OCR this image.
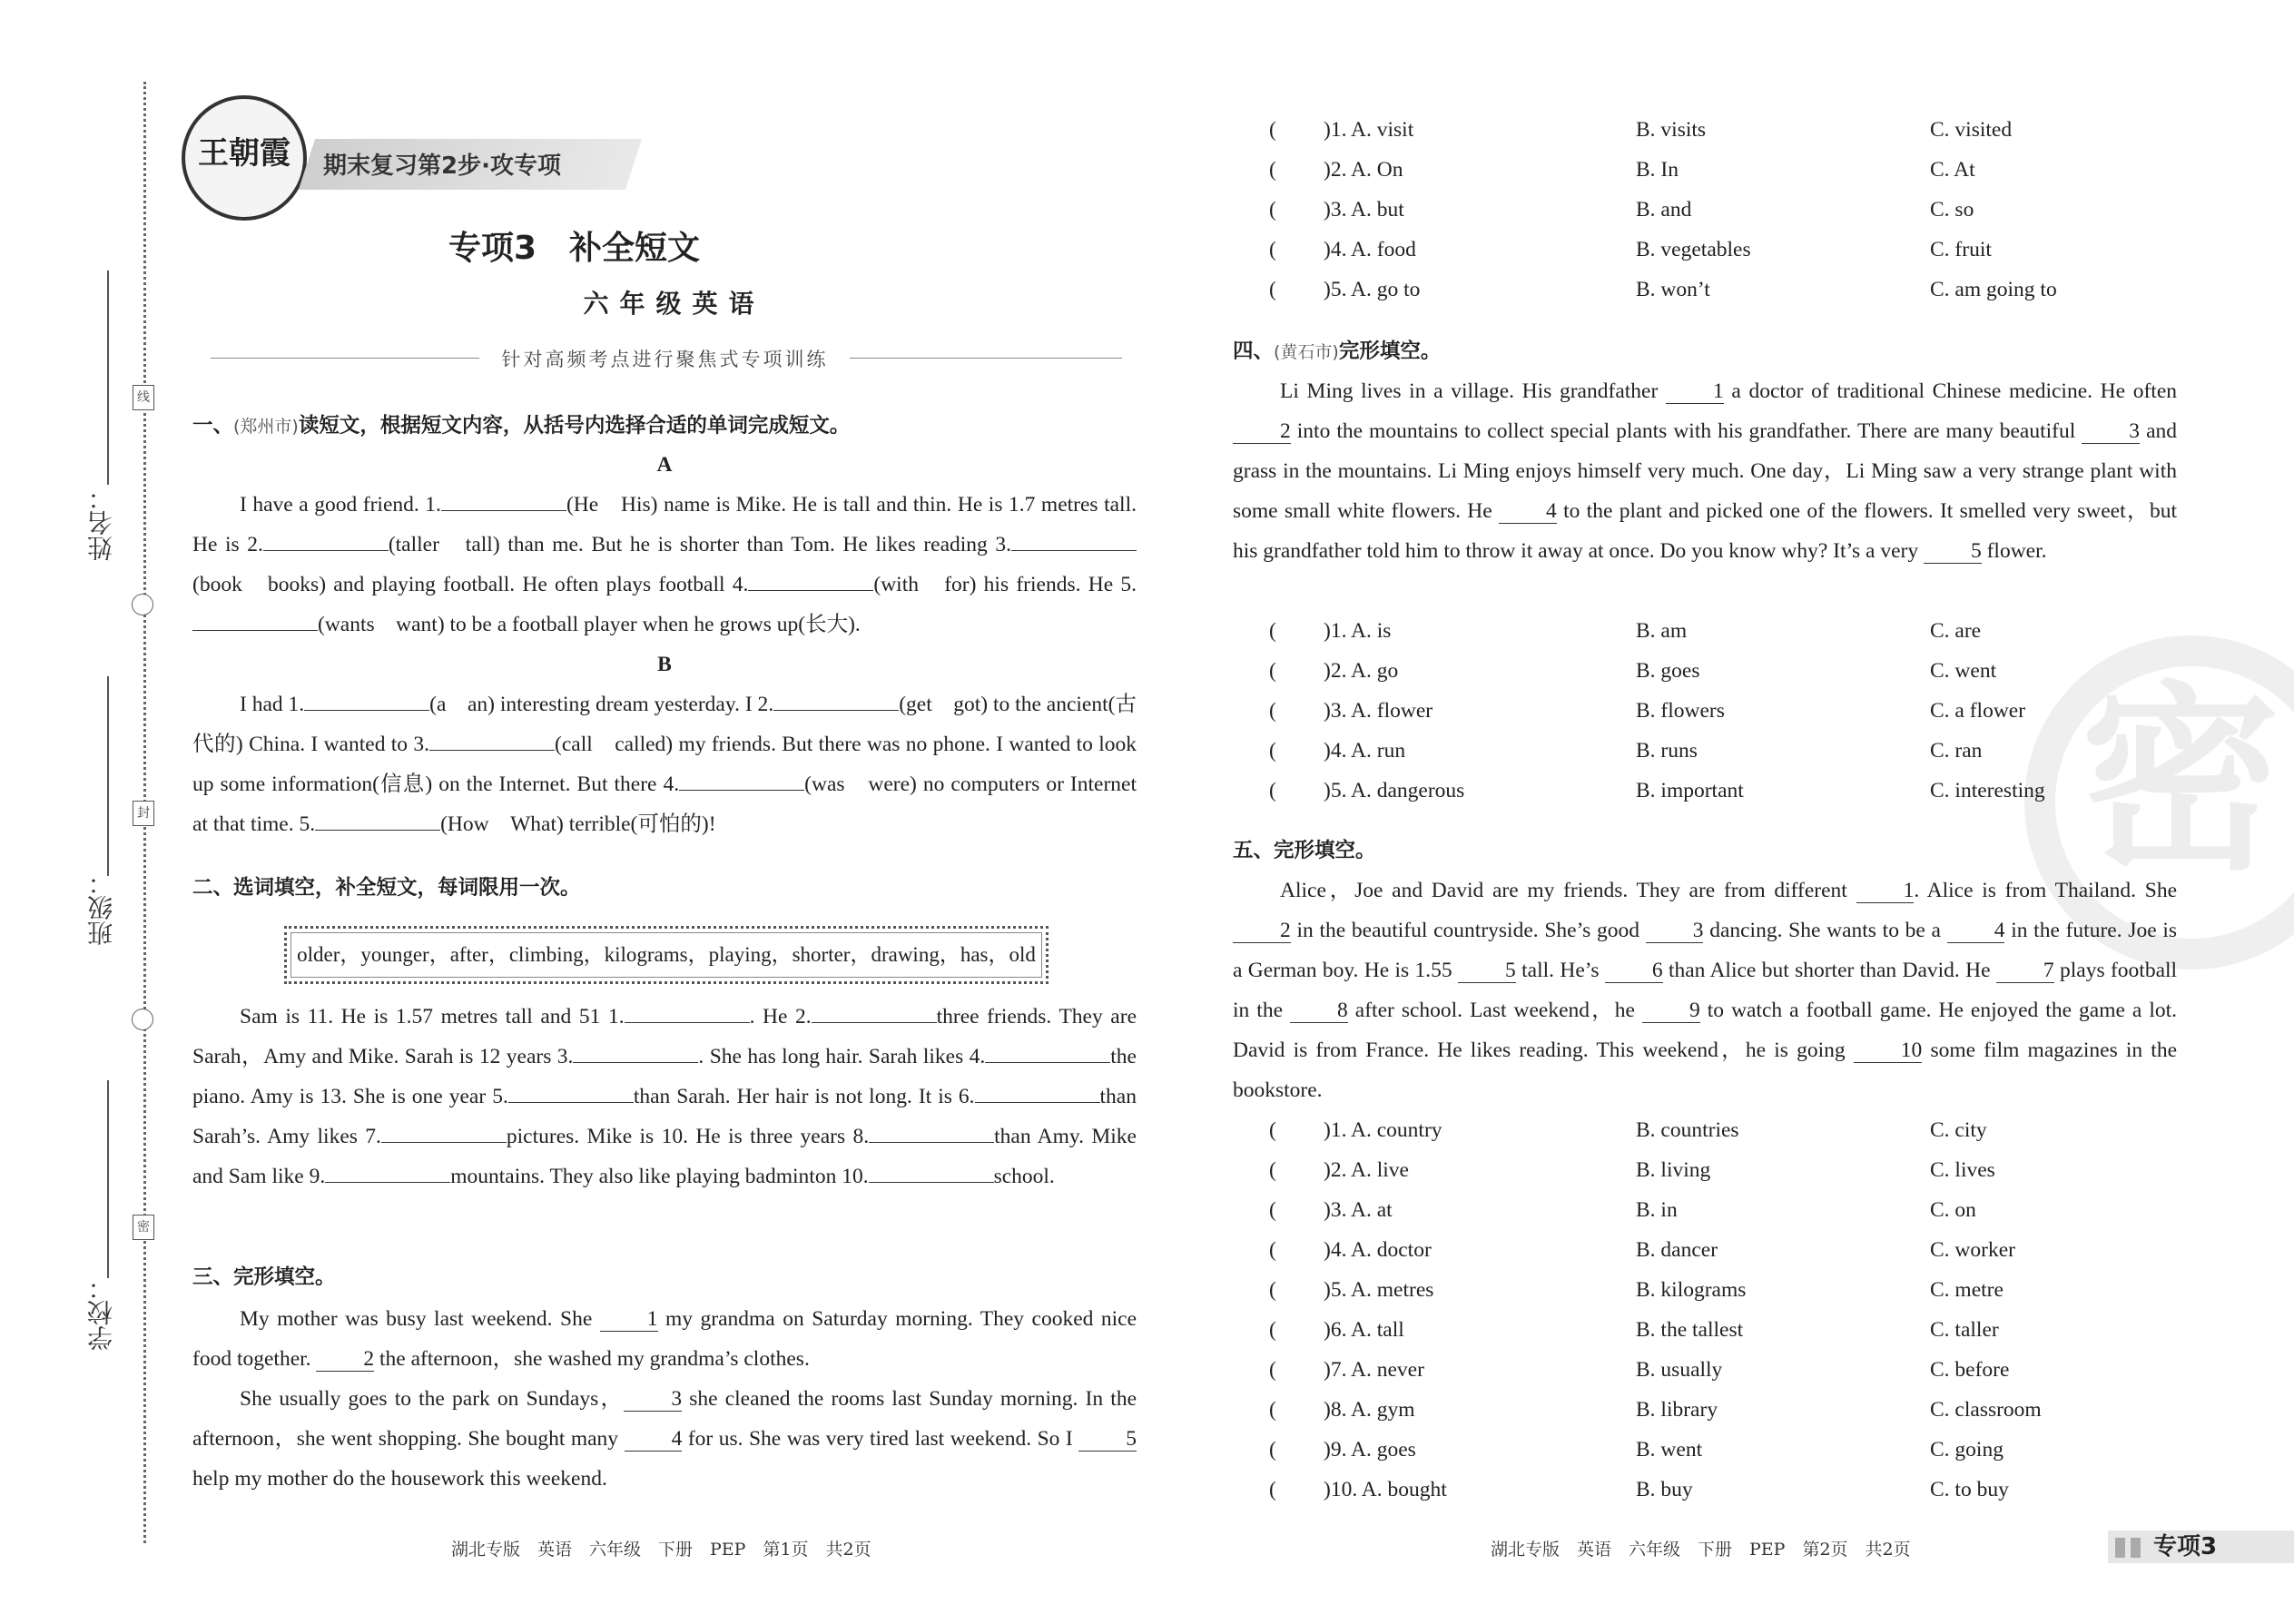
姓名：
班级：
学校：
线
封
密
王朝霞	期末复习第2步·攻专项
专项3　补全短文
六年级英语
针对高频考点进行聚焦式专项训练
一、(郑州市)读短文，根据短文内容，从括号内选择合适的单词完成短文。
A
I have a good friend. 1.	(He　His) name is Mike. He is tall and thin. He is 1.7 metres tall. He is 2.	(taller　tall) than me. But he is shorter than Tom. He likes reading 3.(book　books) and playing football. He often plays football 4.	(with　for) his friends. He 5.(wants　want) to be a football player when he grows up(长大).
B
I had 1.	(a　an) interesting dream yesterday. I 2.	(get　got) to the ancient(古代的) China. I wanted to 3.	(call　called) my friends. But there was no phone. I wanted to look up some information(信息) on the Internet. But there 4.	(was　were) no computers or Internet at that time. 5.	(How　What) terrible(可怕的)!
二、选词填空，补全短文，每词限用一次。
older，younger，after，climbing，kilograms，playing，shorter，drawing，has，old
Sam is 11. He is 1.57 metres tall and 51 1.	. He 2.	three friends. They are Sarah，Amy and Mike. Sarah is 12 years 3.	. She has long hair. Sarah likes 4.	the piano. Amy is 13. She is one year 5.	than Sarah. Her hair is not long. It is 6.	than Sarah’s. Amy likes 7.	pictures. Mike is 10. He is three years 8.	than Amy. Mike and Sam like 9.	mountains. They also like playing badminton 10.	school.
三、完形填空。
My mother was busy last weekend. She	1 my grandma on Saturday morning. They cooked nice food together. 2 the afternoon，she washed my grandma’s clothes.
She usually goes to the park on Sundays， 3 she cleaned the rooms last Sunday morning. In the afternoon，she went shopping. She bought many 4 for us. She was very tired last weekend. So I 5 help my mother do the housework this weekend.
( )1. A. visit	B. visits	C. visited
( )2. A. On	B. In	C. At
( )3. A. but	B. and	C. so
( )4. A. food	B. vegetables	C. fruit
( )5. A. go to	B. won’t	C. am going to
密
四、(黄石市)完形填空。
Li Ming lives in a village. His grandfather	1 a doctor of traditional Chinese medicine. He often 2 into the mountains to collect special plants with his grandfather. There are many beautiful	3 and grass in the mountains. Li Ming enjoys himself very much. One day，Li Ming saw a very strange plant with some small white flowers. He	4 to the plant and picked one of the flowers. It smelled very sweet，but his grandfather told him to throw it away at once. Do you know why? It’s a very 5 flower.
( )1. A. is	B. am	C. are
( )2. A. go	B. goes	C. went
( )3. A. flower	B. flowers	C. a flower
( )4. A. run	B. runs	C. ran
( )5. A. dangerous	B. important	C. interesting
五、完形填空。
Alice，Joe and David are my friends. They are from different	1. Alice is from Thailand. She 2 in the beautiful countryside. She’s good 3 dancing. She wants to be a 4 in the future. Joe is a German boy. He is 1.55 5 tall. He’s 6 than Alice but shorter than David. He 7 plays football in the	8 after school. Last weekend，he	9 to watch a football game. He enjoyed the game a lot. David is from France. He likes reading. This weekend，he is going	10 some film magazines in the bookstore.
( )1. A. country	B. countries	C. city
( )2. A. live	B. living	C. lives
( )3. A. at	B. in	C. on
( )4. A. doctor	B. dancer	C. worker
( )5. A. metres	B. kilograms	C. metre
( )6. A. tall	B. the tallest	C. taller
( )7. A. never	B. usually	C. before
( )8. A. gym	B. library	C. classroom
( )9. A. goes	B. went	C. going
( )10. A. bought	B. buy	C. to buy
湖北专版　英语　六年级　下册　PEP　第1页　共2页	湖北专版　英语　六年级　下册　PEP　第2页　共2页	专项3
